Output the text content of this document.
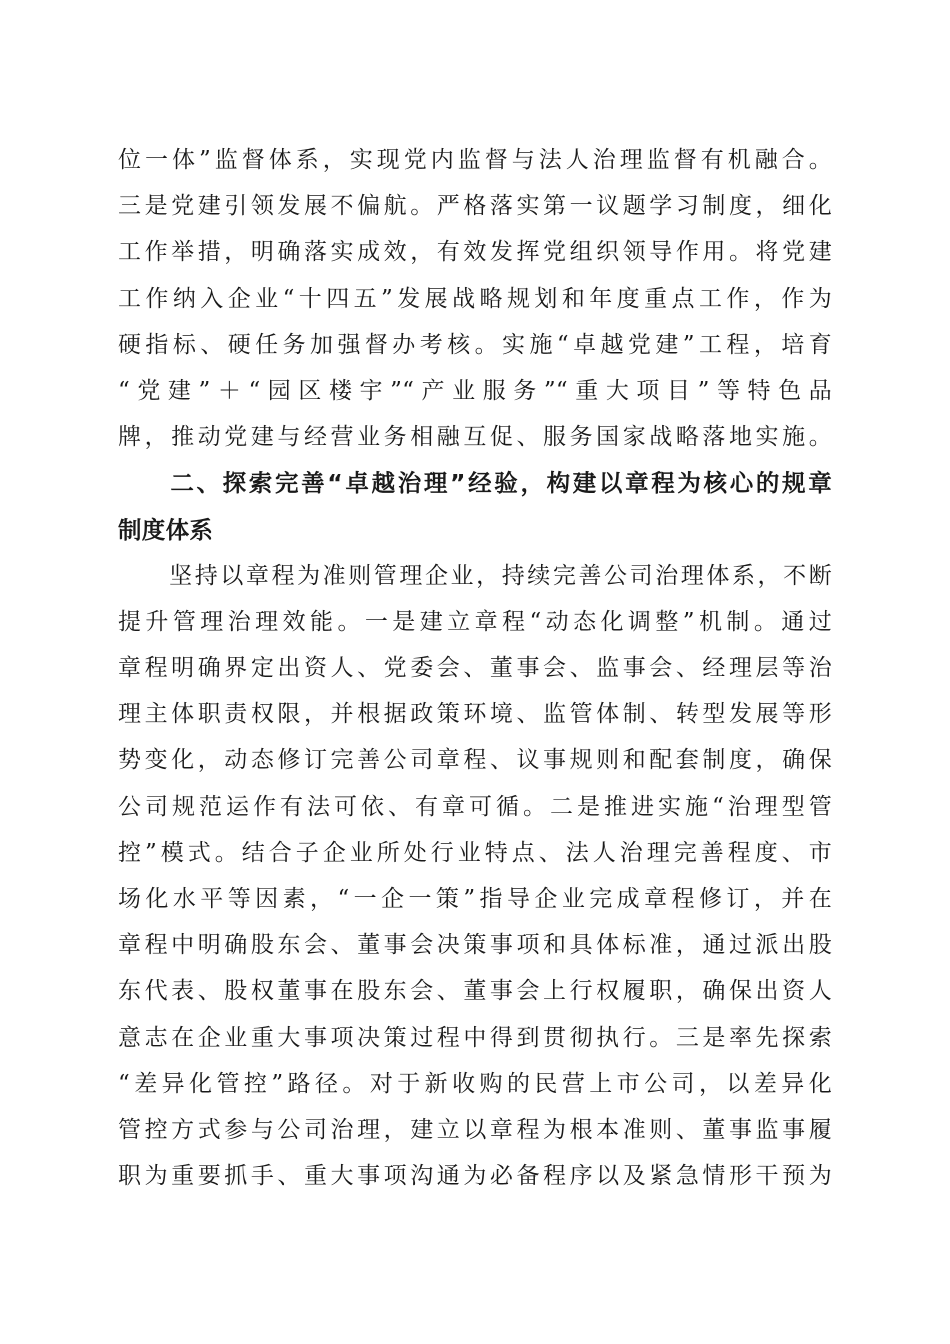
位一体”监督体系，实现党内监督与法人治理监督有机融合。
三是党建引领发展不偏航。严格落实第一议题学习制度，细化
工作举措，明确落实成效，有效发挥党组织领导作用。将党建
工作纳入企业“十四五”发展战略规划和年度重点工作，作为
硬指标、硬任务加强督办考核。实施“卓越党建”工程，培育
“党建”＋“园区楼宇”“产业服务”“重大项目”等特色品
牌，推动党建与经营业务相融互促、服务国家战略落地实施。
　　二、探索完善“卓越治理”经验，构建以章程为核心的规章
制度体系
　　坚持以章程为准则管理企业，持续完善公司治理体系，不断
提升管理治理效能。一是建立章程“动态化调整”机制。通过
章程明确界定出资人、党委会、董事会、监事会、经理层等治
理主体职责权限，并根据政策环境、监管体制、转型发展等形
势变化，动态修订完善公司章程、议事规则和配套制度，确保
公司规范运作有法可依、有章可循。二是推进实施“治理型管
控”模式。结合子企业所处行业特点、法人治理完善程度、市
场化水平等因素，“一企一策”指导企业完成章程修订，并在
章程中明确股东会、董事会决策事项和具体标准，通过派出股
东代表、股权董事在股东会、董事会上行权履职，确保出资人
意志在企业重大事项决策过程中得到贯彻执行。三是率先探索
“差异化管控”路径。对于新收购的民营上市公司，以差异化
管控方式参与公司治理，建立以章程为根本准则、董事监事履
职为重要抓手、重大事项沟通为必备程序以及紧急情形干预为
